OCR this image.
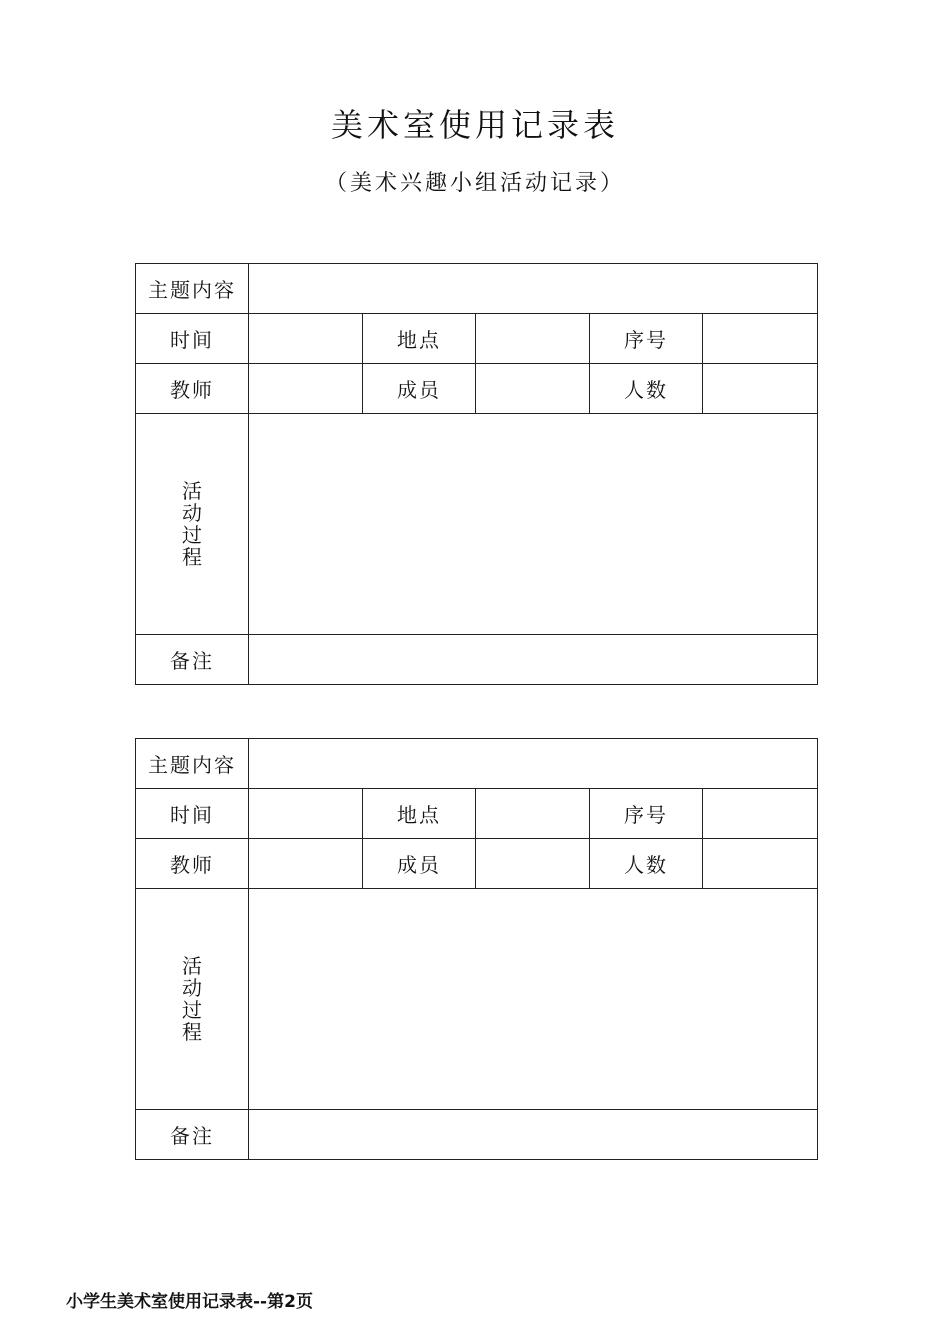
美术室使用记录表
（美术兴趣小组活动记录）
主题内容					
时间		地点		序号	
教师		成员		人数	
活动过程					
备注					
主题内容					
时间		地点		序号	
教师		成员		人数	
活动过程					
备注					
小学生美术室使用记录表--第2页
